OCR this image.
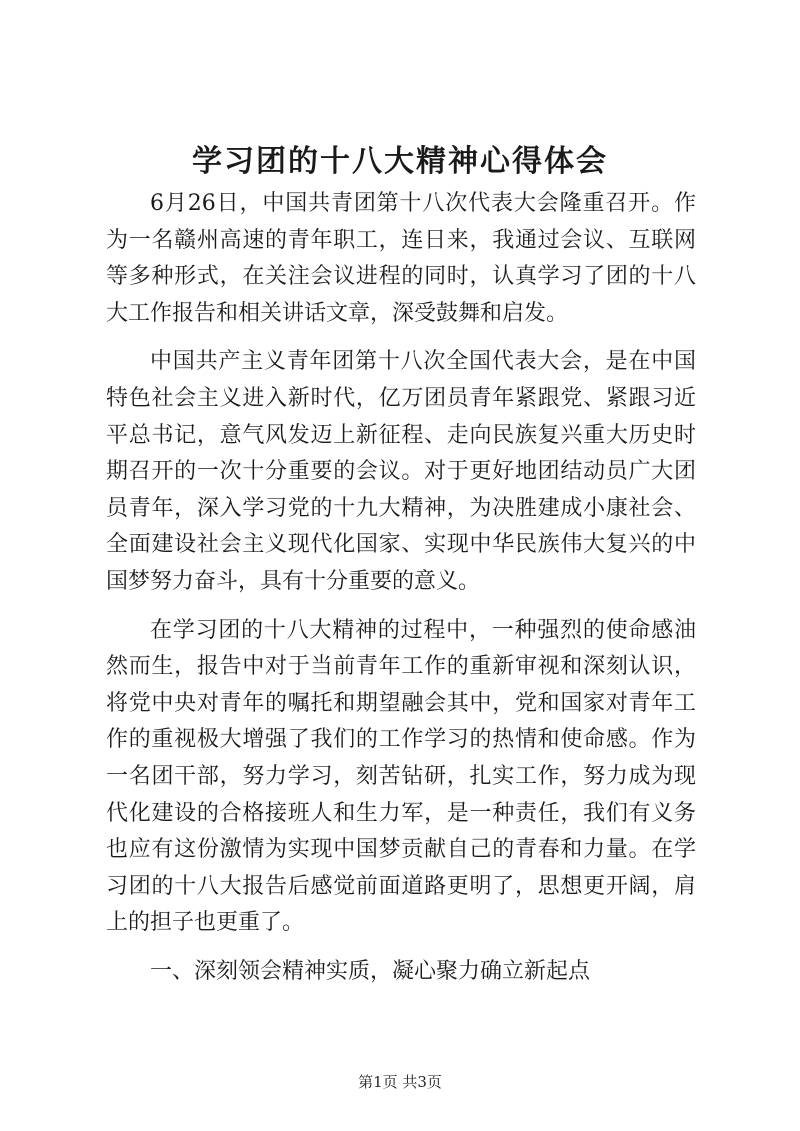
学习团的十八大精神心得体会

6月26日，中国共青团第十八次代表大会隆重召开。作为一名赣州高速的青年职工，连日来，我通过会议、互联网等多种形式，在关注会议进程的同时，认真学习了团的十八大工作报告和相关讲话文章，深受鼓舞和启发。

中国共产主义青年团第十八次全国代表大会，是在中国特色社会主义进入新时代，亿万团员青年紧跟党、紧跟习近平总书记，意气风发迈上新征程、走向民族复兴重大历史时期召开的一次十分重要的会议。对于更好地团结动员广大团员青年，深入学习党的十九大精神，为决胜建成小康社会、全面建设社会主义现代化国家、实现中华民族伟大复兴的中国梦努力奋斗，具有十分重要的意义。

在学习团的十八大精神的过程中，一种强烈的使命感油然而生，报告中对于当前青年工作的重新审视和深刻认识，将党中央对青年的嘱托和期望融会其中，党和国家对青年工作的重视极大增强了我们的工作学习的热情和使命感。作为一名团干部，努力学习，刻苦钻研，扎实工作，努力成为现代化建设的合格接班人和生力军，是一种责任，我们有义务也应有这份激情为实现中国梦贡献自己的青春和力量。在学习团的十八大报告后感觉前面道路更明了，思想更开阔，肩上的担子也更重了。

一、深刻领会精神实质，凝心聚力确立新起点

第1页 共3页
